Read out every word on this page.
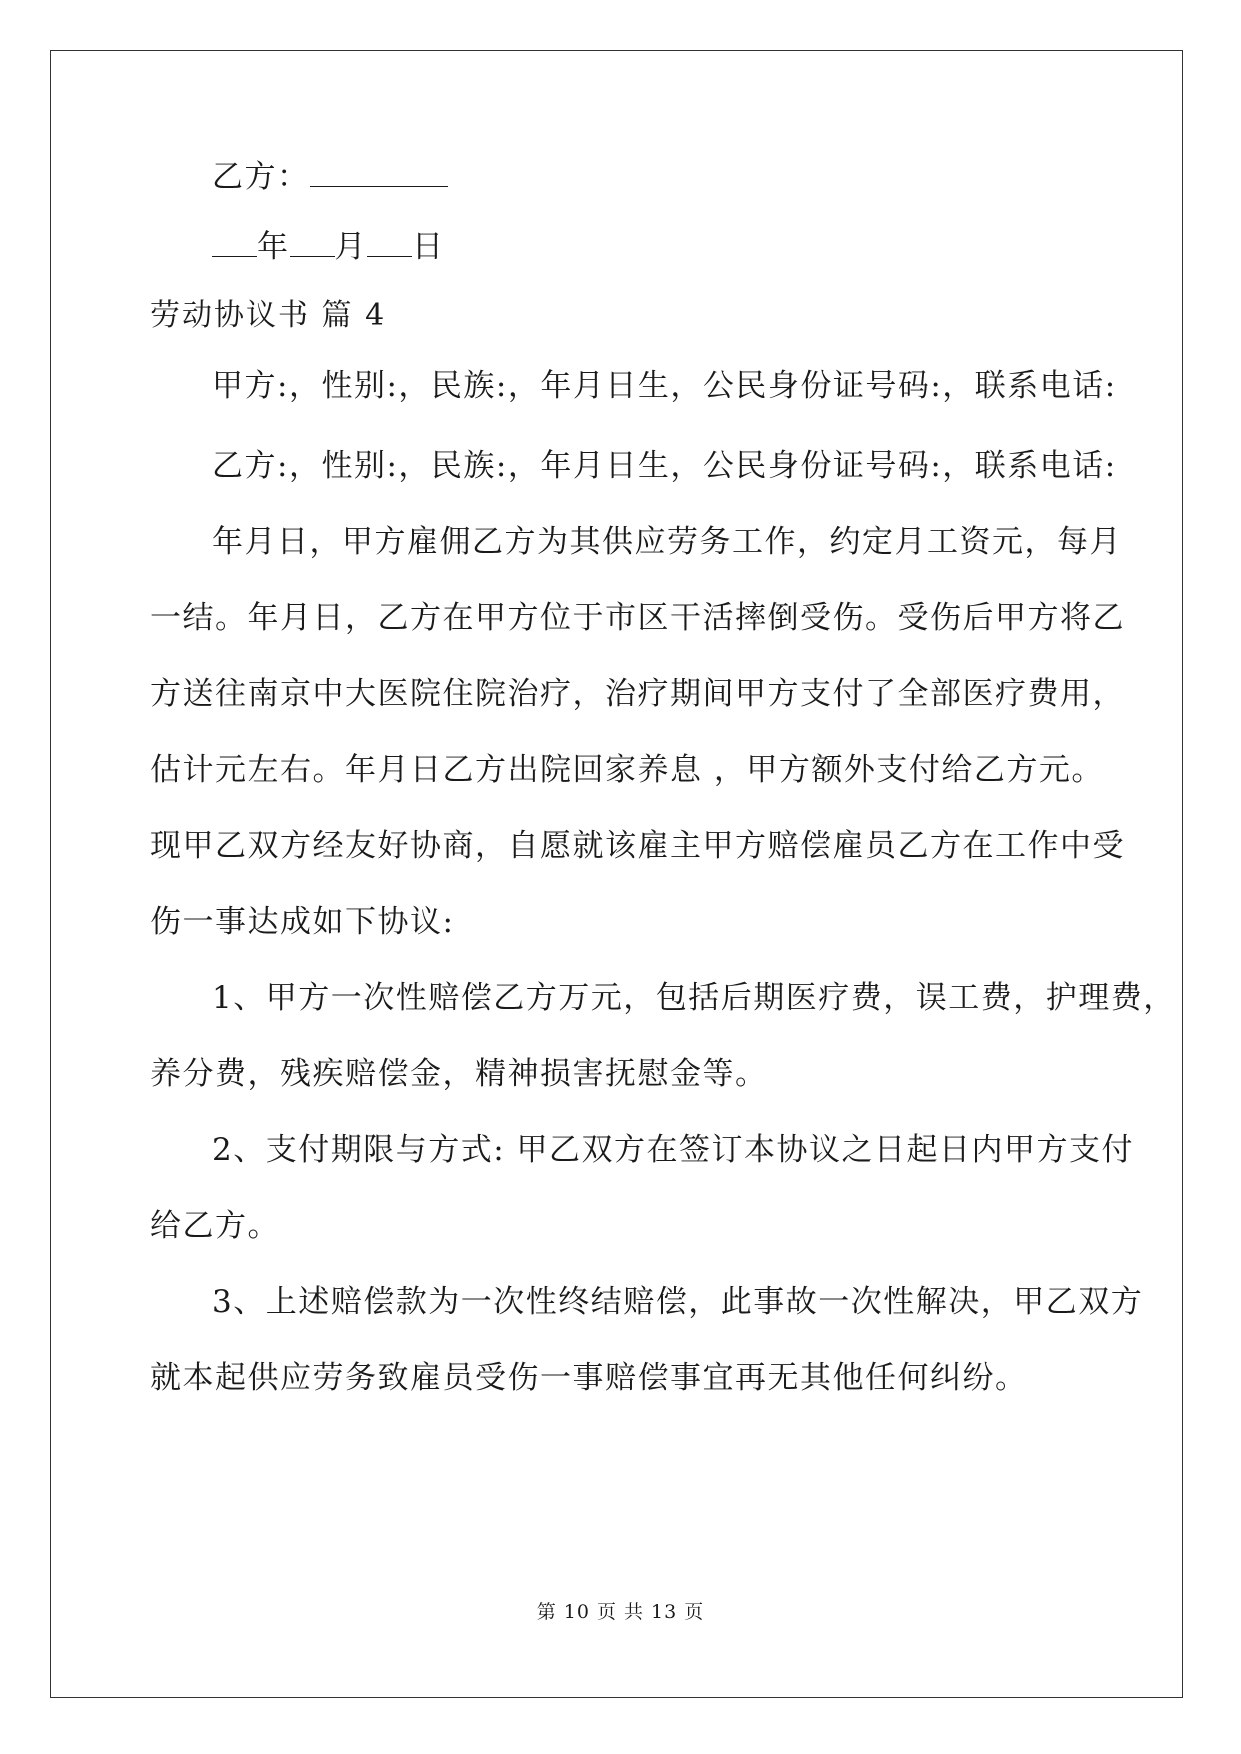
乙方：
年 月 日
劳动协议书 篇 4
甲方:，性别:，民族:，年月日生，公民身份证号码:，联系电话:
乙方:，性别:，民族:，年月日生，公民身份证号码:，联系电话:
年月日，甲方雇佣乙方为其供应劳务工作，约定月工资元，每月
一结。年月日，乙方在甲方位于市区干活摔倒受伤。受伤后甲方将乙
方送往南京中大医院住院治疗，治疗期间甲方支付了全部医疗费用，
估计元左右。年月日乙方出院回家养息 ，甲方额外支付给乙方元。
现甲乙双方经友好协商，自愿就该雇主甲方赔偿雇员乙方在工作中受
伤一事达成如下协议:
1、甲方一次性赔偿乙方万元，包括后期医疗费，误工费，护理费，
养分费，残疾赔偿金，精神损害抚慰金等。
2、支付期限与方式: 甲乙双方在签订本协议之日起日内甲方支付
给乙方。
3、上述赔偿款为一次性终结赔偿，此事故一次性解决，甲乙双方
就本起供应劳务致雇员受伤一事赔偿事宜再无其他任何纠纷。
第 10 页 共 13 页
